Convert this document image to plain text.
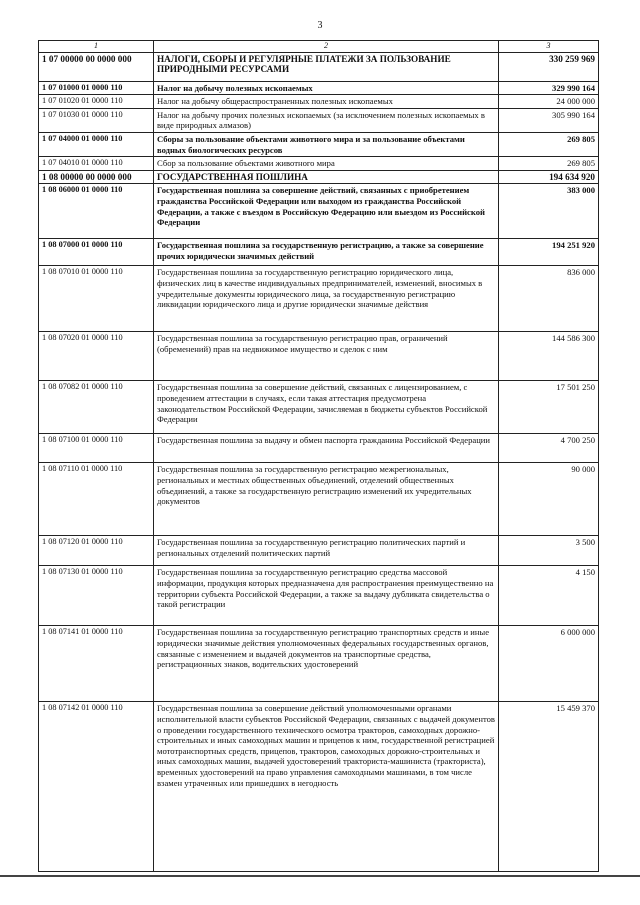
3
1	2	3
1 07 00000 00 0000 000	НАЛОГИ, СБОРЫ И РЕГУЛЯРНЫЕ ПЛАТЕЖИ ЗА ПОЛЬЗОВАНИЕ ПРИРОДНЫМИ РЕСУРСАМИ	330 259 969
1 07 01000 01 0000 110	Налог на добычу полезных ископаемых	329 990 164
1 07 01020 01 0000 110	Налог на добычу общераспространенных полезных ископаемых	24 000 000
1 07 01030 01 0000 110	Налог на добычу прочих полезных ископаемых (за исключением полезных ископаемых в виде природных алмазов)	305 990 164
1 07 04000 01 0000 110	Сборы за пользование объектами животного мира и за пользование объектами водных биологических ресурсов	269 805
1 07 04010 01 0000 110	Сбор за пользование объектами животного мира	269 805
1 08 00000 00 0000 000	ГОСУДАРСТВЕННАЯ ПОШЛИНА	194 634 920
1 08 06000 01 0000 110	Государственная пошлина за совершение действий, связанных с приобретением гражданства Российской Федерации или выходом из гражданства Российской Федерации, а также с въездом в Российскую Федерацию или выездом из Российской Федерации	383 000
1 08 07000 01 0000 110	Государственная пошлина за государственную регистрацию, а также за совершение прочих юридически значимых действий	194 251 920
1 08 07010 01 0000 110	Государственная пошлина за государственную регистрацию юридического лица, физических лиц в качестве индивидуальных предпринимателей, изменений, вносимых в учредительные документы юридического лица, за государственную регистрацию ликвидации юридического лица и другие юридически значимые действия	836 000
1 08 07020 01 0000 110	Государственная пошлина за государственную регистрацию прав, ограничений (обременений) прав на недвижимое имущество и сделок с ним	144 586 300
1 08 07082 01 0000 110	Государственная пошлина за совершение действий, связанных с лицензированием, с проведением аттестации в случаях, если такая аттестация предусмотрена законодательством Российской Федерации, зачисляемая в бюджеты субъектов Российской Федерации	17 501 250
1 08 07100 01 0000 110	Государственная пошлина за выдачу и обмен паспорта гражданина Российской Федерации	4 700 250
1 08 07110 01 0000 110	Государственная пошлина за государственную регистрацию межрегиональных, региональных и местных общественных объединений, отделений общественных объединений, а также за государственную регистрацию изменений их учредительных документов	90 000
1 08 07120 01 0000 110	Государственная пошлина за государственную регистрацию политических партий и региональных отделений политических партий	3 500
1 08 07130 01 0000 110	Государственная пошлина за государственную регистрацию средства массовой информации, продукция которых предназначена для распространения преимущественно на территории субъекта Российской Федерации, а также за выдачу дубликата свидетельства о такой регистрации	4 150
1 08 07141 01 0000 110	Государственная пошлина за государственную регистрацию транспортных средств и иные юридически значимые действия уполномоченных федеральных государственных органов, связанные с изменением и выдачей документов на транспортные средства, регистрационных знаков, водительских удостоверений	6 000 000
1 08 07142 01 0000 110	Государственная пошлина за совершение действий уполномоченными органами исполнительной власти субъектов Российской Федерации, связанных с выдачей документов о проведении государственного технического осмотра тракторов, самоходных дорожно-строительных и иных самоходных машин и прицепов к ним, государственной регистрацией мототранспортных средств, прицепов, тракторов, самоходных дорожно-строительных и иных самоходных машин, выдачей удостоверений тракториста-машиниста (тракториста), временных удостоверений на право управления самоходными машинами, в том числе взамен утраченных или пришедших в негодность	15 459 370
